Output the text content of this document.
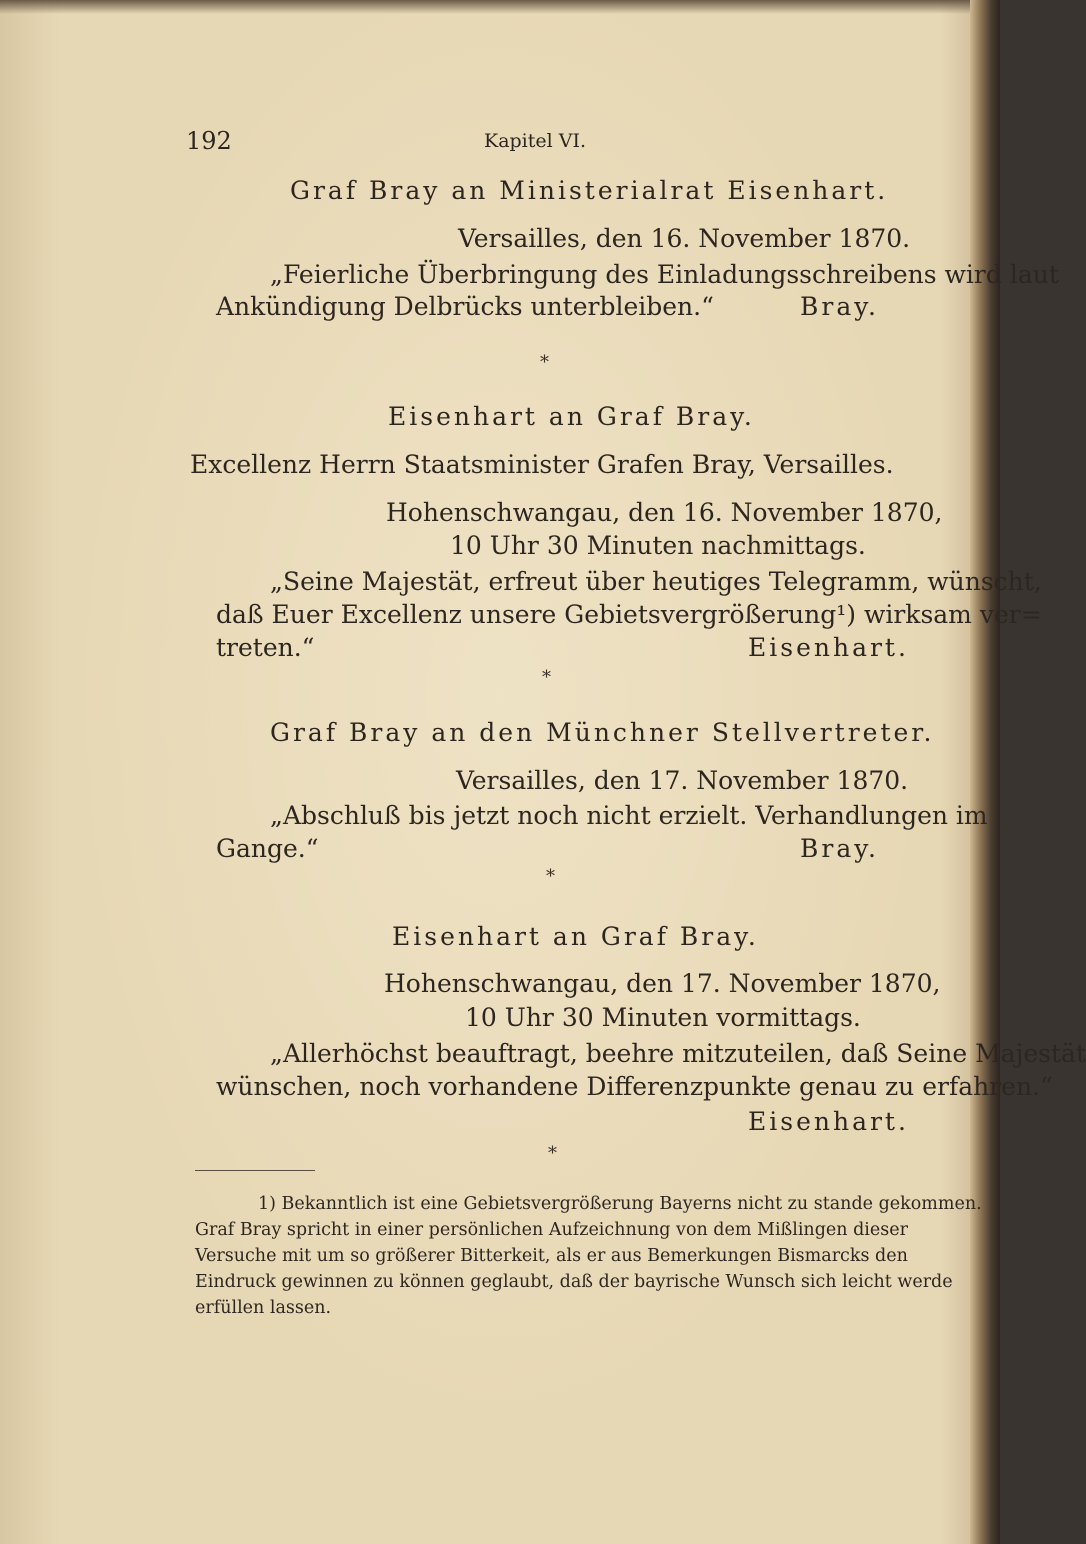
192	Kapitel VI.
Graf Bray an Ministerialrat Eisenhart.
Versailles, den 16. November 1870.
„Feierliche Überbringung des Einladungsschreibens wird laut
Ankündigung Delbrücks unterbleiben.“	Bray.
*
Eisenhart an Graf Bray.
Excellenz Herrn Staatsminister Grafen Bray, Versailles.
Hohenschwangau, den 16. November 1870,
10 Uhr 30 Minuten nachmittags.
„Seine Majestät, erfreut über heutiges Telegramm, wünscht,
daß Euer Excellenz unsere Gebietsvergrößerung¹) wirksam ver=
treten.“	Eisenhart.
*
Graf Bray an den Münchner Stellvertreter.
Versailles, den 17. November 1870.
„Abschluß bis jetzt noch nicht erzielt. Verhandlungen im
Gange.“	Bray.
*
Eisenhart an Graf Bray.
Hohenschwangau, den 17. November 1870,
10 Uhr 30 Minuten vormittags.
„Allerhöchst beauftragt, beehre mitzuteilen, daß Seine Majestät
wünschen, noch vorhandene Differenzpunkte genau zu erfahren.“
Eisenhart.
*
1) Bekanntlich ist eine Gebietsvergrößerung Bayerns nicht zu stande gekommen.
Graf Bray spricht in einer persönlichen Aufzeichnung von dem Mißlingen dieser
Versuche mit um so größerer Bitterkeit, als er aus Bemerkungen Bismarcks den
Eindruck gewinnen zu können geglaubt, daß der bayrische Wunsch sich leicht werde
erfüllen lassen.
